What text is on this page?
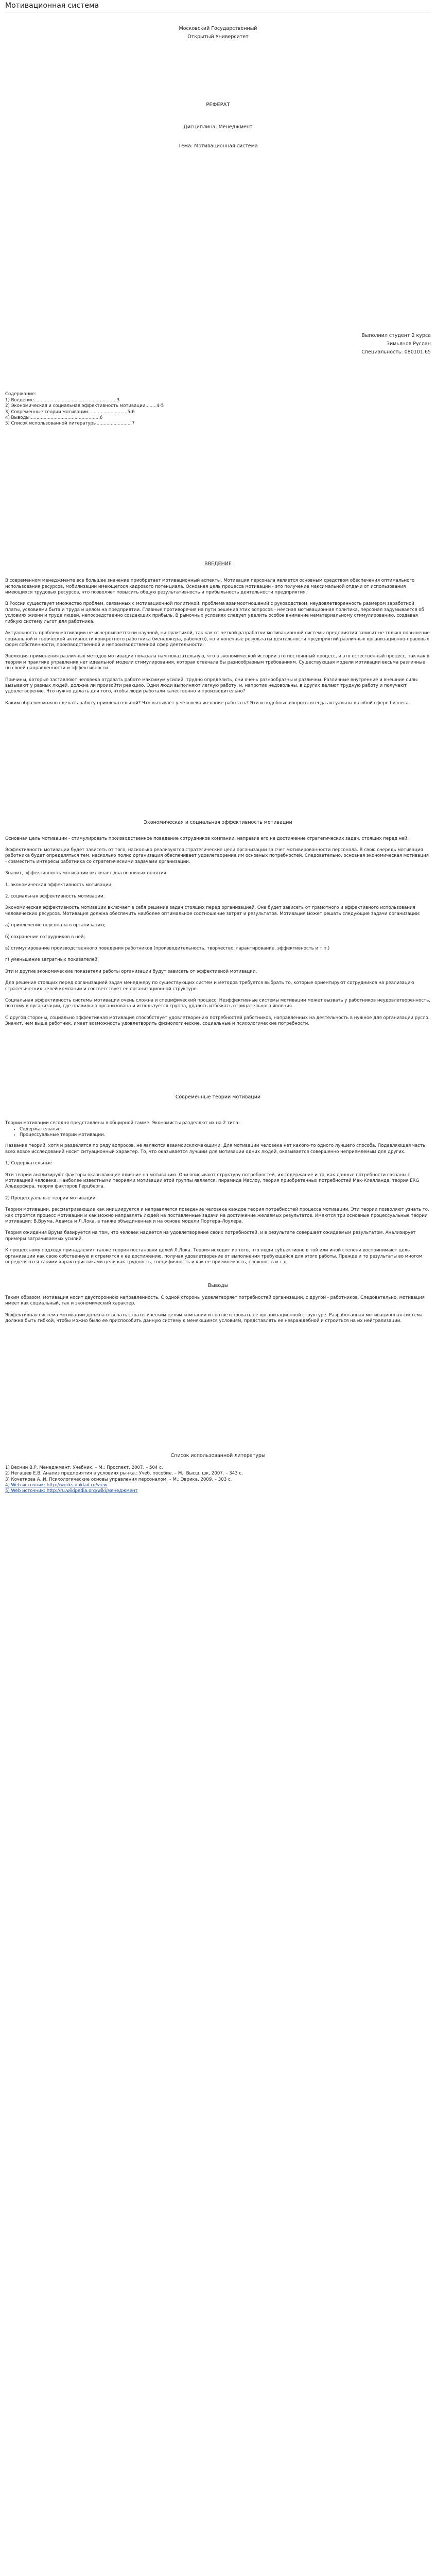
Мотивационная система
Московский Государственный
Открытый Университет
РЕФЕРАТ
Дисциплина: Менеджмент
Тема: Мотивационная система
Выполнил студент 2 курса
Зимьянов Руслан
Специальность: 080101.65

Содержание:

1) Введение...........................................................3

2) Экономическая и социальная эффективность мотивации........4-5

3) Современные теории мотивации............................5-6

4) Выводы..................................................6

5) Список использованной литературы.........................7

ВВЕДЕНИЕ

В современном менеджменте все большее значение приобретает мотивационный аспекты. Мотивация персонала является основным средством обеспечения оптимального использования ресурсов, мобилизации имеющегося кадрового потенциала. Основная цель процесса мотивации - это получение максимальной отдачи от использования имеющихся трудовых ресурсов, что позволяет повысить общую результативность и прибыльность деятельности предприятия.

В России существует множество проблем, связанных с мотивационной политикой: проблема взаимоотношений с руководством, неудовлетворенность размером заработной платы, условиями быта и труда и целом на предприятии. Главные противоречия на пути решения этих вопросов - неясная мотивационная политика, персонал задумывается об условиях жизни и труде людей, непосредственно создающих прибыль. В рыночных условиях следует уделить особое внимание нематериальному стимулированию, создавая гибкую систему льгот для работника.

Актуальность проблем мотивации не исчерпывается ни научной, ни практикой, так как от четкой разработки мотивационной системы предприятия зависит не только повышение социальной и творческой активности конкретного работника (менеджера, рабочего), но и конечные результаты деятельности предприятий различных организационно-правовых форм собственности, производственной и непроизводственной сфер деятельности.

Эволюция применения различных методов мотивации показала нам показательную, что в экономической истории это постоянный процесс, и это естественный процесс, так как в теории и практике управления нет идеальной модели стимулирования, которая отвечала бы разнообразным требованиям. Существующая модели мотивации весьма различные по своей направленности и эффективности.

Причины, которые заставляют человека отдавать работе максимум усилий, трудно определить, они очень разнообразны и различны. Различные внутренние и внешние силы вызывают у разных людей, должна ли произойти реакцию. Одни люди выполняют легкую работу, и, напротив недовольны, в других делают трудную работу и получают удовлетворение. Что нужно делать для того, чтобы люди работали качественно и производительно?

Каким образом можно сделать работу привлекательной? Что вызывает у человека желание работать? Эти и подобные вопросы всегда актуальны в любой сфере бизнеса.

Экономическая и социальная эффективность мотивации

Основная цель мотивации - стимулировать производственное поведение сотрудников компании, направив его на достижение стратегических задач, стоящих перед ней.

Эффективность мотивации будет зависеть от того, насколько реализуются стратегические цели организации за счет мотивированности персонала. В свою очередь мотивация работника будет определяться тем, насколько полно организация обеспечивает удовлетворение им основных потребностей. Следовательно, основная экономическая мотивация - совместить интересы работника со стратегическими задачами организации.

Значит, эффективность мотивации включает два основных понятия:

1. экономическая эффективность мотивации;

2. социальная эффективность мотивации.

Экономическая эффективность мотивации включает в себя решение задач стоящих перед организацией. Она будет зависеть от грамотного и эффективного использования человеческих ресурсов. Мотивация должна обеспечить наиболее оптимальное соотношение затрат и результатов. Мотивация может решать следующие задачи организации:

а) привлечение персонала в организацию;

б) сохранение сотрудников в ней;

в) стимулирование производственного поведения работников (производительность, творчество, гарантирование, эффективность и т.п.)

г) уменьшение затратных показателей.

Эти и другие экономические показатели работы организации будут зависеть от эффективной мотивации.

Для решения стоящих перед организацией задач менеджеру по существующих систем и методов требуется выбрать то, которые ориентируют сотрудников на реализацию стратегических целей компании и соответствует ее организационной структуре.

Социальная эффективность системы мотивации очень сложна и специфический процесс. Неэффективные системы мотивации может вызвать у работников неудовлетворенность, поэтому в организации, где правильно организована и используется группа, удалось избежать отрицательного явления.

С другой стороны, социально эффективная мотивация способствует удовлетворению потребностей работников, направленных на деятельность в нужное для организации русло. Значит, чем выше работник, имеет возможность удовлетворить физиологические, социальные и психологические потребности.

Современные теории мотивации

Теории мотивации сегодня представлены в общирной гамме. Экономисты разделяют их на 2 типа:

• Содержательные
• Процессуальные теории мотивации.

Название теорий, хотя и разделятся по ряду вопросов, не являются взаимоисключающими. Для мотивации человека нет какого-то одного лучшего способа. Подавляющая часть всех вовсе исследований носит ситуационный характер. То, что оказывается лучшим для мотивации одних людей, оказывается совершенно неприемлемым для других.

1) Содержательные

Эти теории анализируют факторы оказывающие влияние на мотивацию. Они описывают структуру потребностей, их содержание и то, как данные потребности связаны с мотивацией человека. Наиболее известными теориями мотивации этой группы является: пирамида Маслоу, теория приобретенных потребностей Мак-Клелланда, теория ERG Альдерфера, теория факторов Герцберга.

2) Процессуальные теории мотивации

Теории мотивации, рассматривающие как инициируется и направляется поведение человека каждое теория потребностей процесса мотивации. Эти теории позволяют узнать то, как строятся процесс мотивации и как можно направлять людей на поставленные задачи на достижение желаемых результатов. Имеются три основные процессуальные теории мотивации: В.Врума, Адамса и Л.Лока, а также объединенная и на основе модели Портера-Лоулера.

Теория ожидания Врума базируется на том, что человек надеется на удовлетворение своих потребностей, и в результате совершает ожидаемым результатом. Анализирует примеры затрачиваемых усилий.

К процессному подходу принадлежит также теория постановки целей Л.Лока. Теория исходит из того, что люди субъективно в той или иной степени воспринимают цель организации как свою собственную и стремятся к ее достижению, получая удовлетворение от выполнения требующейся для этого работы. Прежде и то результаты во многом определяются такими характеристиками цели как трудность, специфичность и как ее приемлемость, сложность и т.д.

Выводы

Таким образом, мотивация носит двусторонною направленность. С одной стороны удовлетворяет потребностей организации, с другой - работников. Следовательно, мотивация имеет как социальный, так и экономический характер.

Эффективная система мотивации должна отвечать стратегическим целям компании и соответствовать ее организационной структуре. Разработанная мотивационная система должна быть гибкой, чтобы можно было ее приспособить данную систему к меняющимся условиям, представлять ее невраждебной и строиться на их нейтрализации.

Список использованной литературы

1) Веснин В.Р. Менеджмент: Учебник. – М.: Проспект, 2007. – 504 с.

2) Негашев Е.В. Анализ предприятия в условиях рынка.: Учеб. пособие. – М.: Высш. шк, 2007. – 343 с.

3) Кочеткова А. И. Психологические основы управления персоналом. – М.: Эврика, 2009. – 303 с.

4) Web источник: http://works.doklad.ru/view

5) Web источник: http://ru.wikipedia.org/wiki/менеджмент
